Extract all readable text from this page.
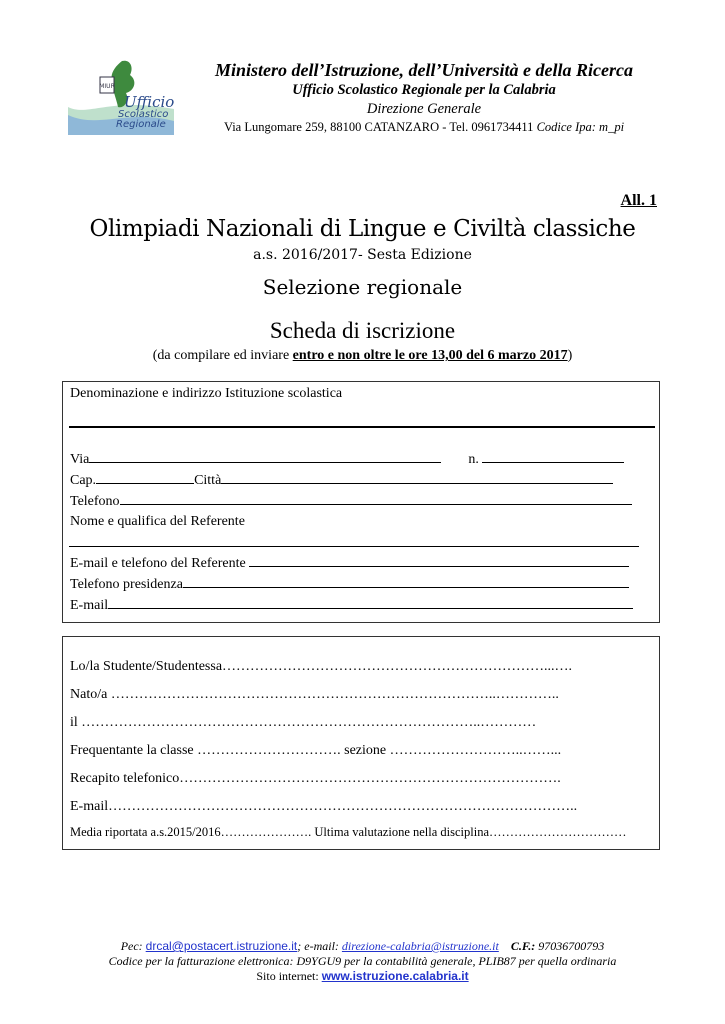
MIUR
Ufficio
Scolastico
Regionale
Ministero dell’Istruzione, dell’Università e della Ricerca
Ufficio Scolastico Regionale per la Calabria
Direzione Generale
Via Lungomare 259, 88100 CATANZARO - Tel. 0961734411 Codice Ipa: m_pi
All. 1
Olimpiadi Nazionali di Lingue e Civiltà classiche
a.s. 2016/2017- Sesta Edizione
Selezione regionale
Scheda di iscrizione
(da compilare ed inviare entro e non oltre le ore 13,00 del 6 marzo 2017)
Denominazione e indirizzo Istituzione scolastica
Via	n.
Cap.	Città
Telefono
Nome e qualifica del Referente
E-mail e telefono del Referente
Telefono presidenza
E-mail
Lo/la Studente/Studentessa……………………………………………………………...….
Nato/a ………………………………………………………………………..…………..
il …………………………………………………………………………..…………
Frequentante la classe …………………………. sezione ………………………..……...
Recapito telefonico……………………………………………………………………….
E-mail………………………………………………………………………………………..
Media riportata a.s.2015/2016…………………. Ultima valutazione nella disciplina……………………………
Pec: drcal@postacert.istruzione.it; e-mail: direzione-calabria@istruzione.it C.F.: 97036700793
Codice per la fatturazione elettronica: D9YGU9 per la contabilità generale, PLIB87 per quella ordinaria
Sito internet: www.istruzione.calabria.it
